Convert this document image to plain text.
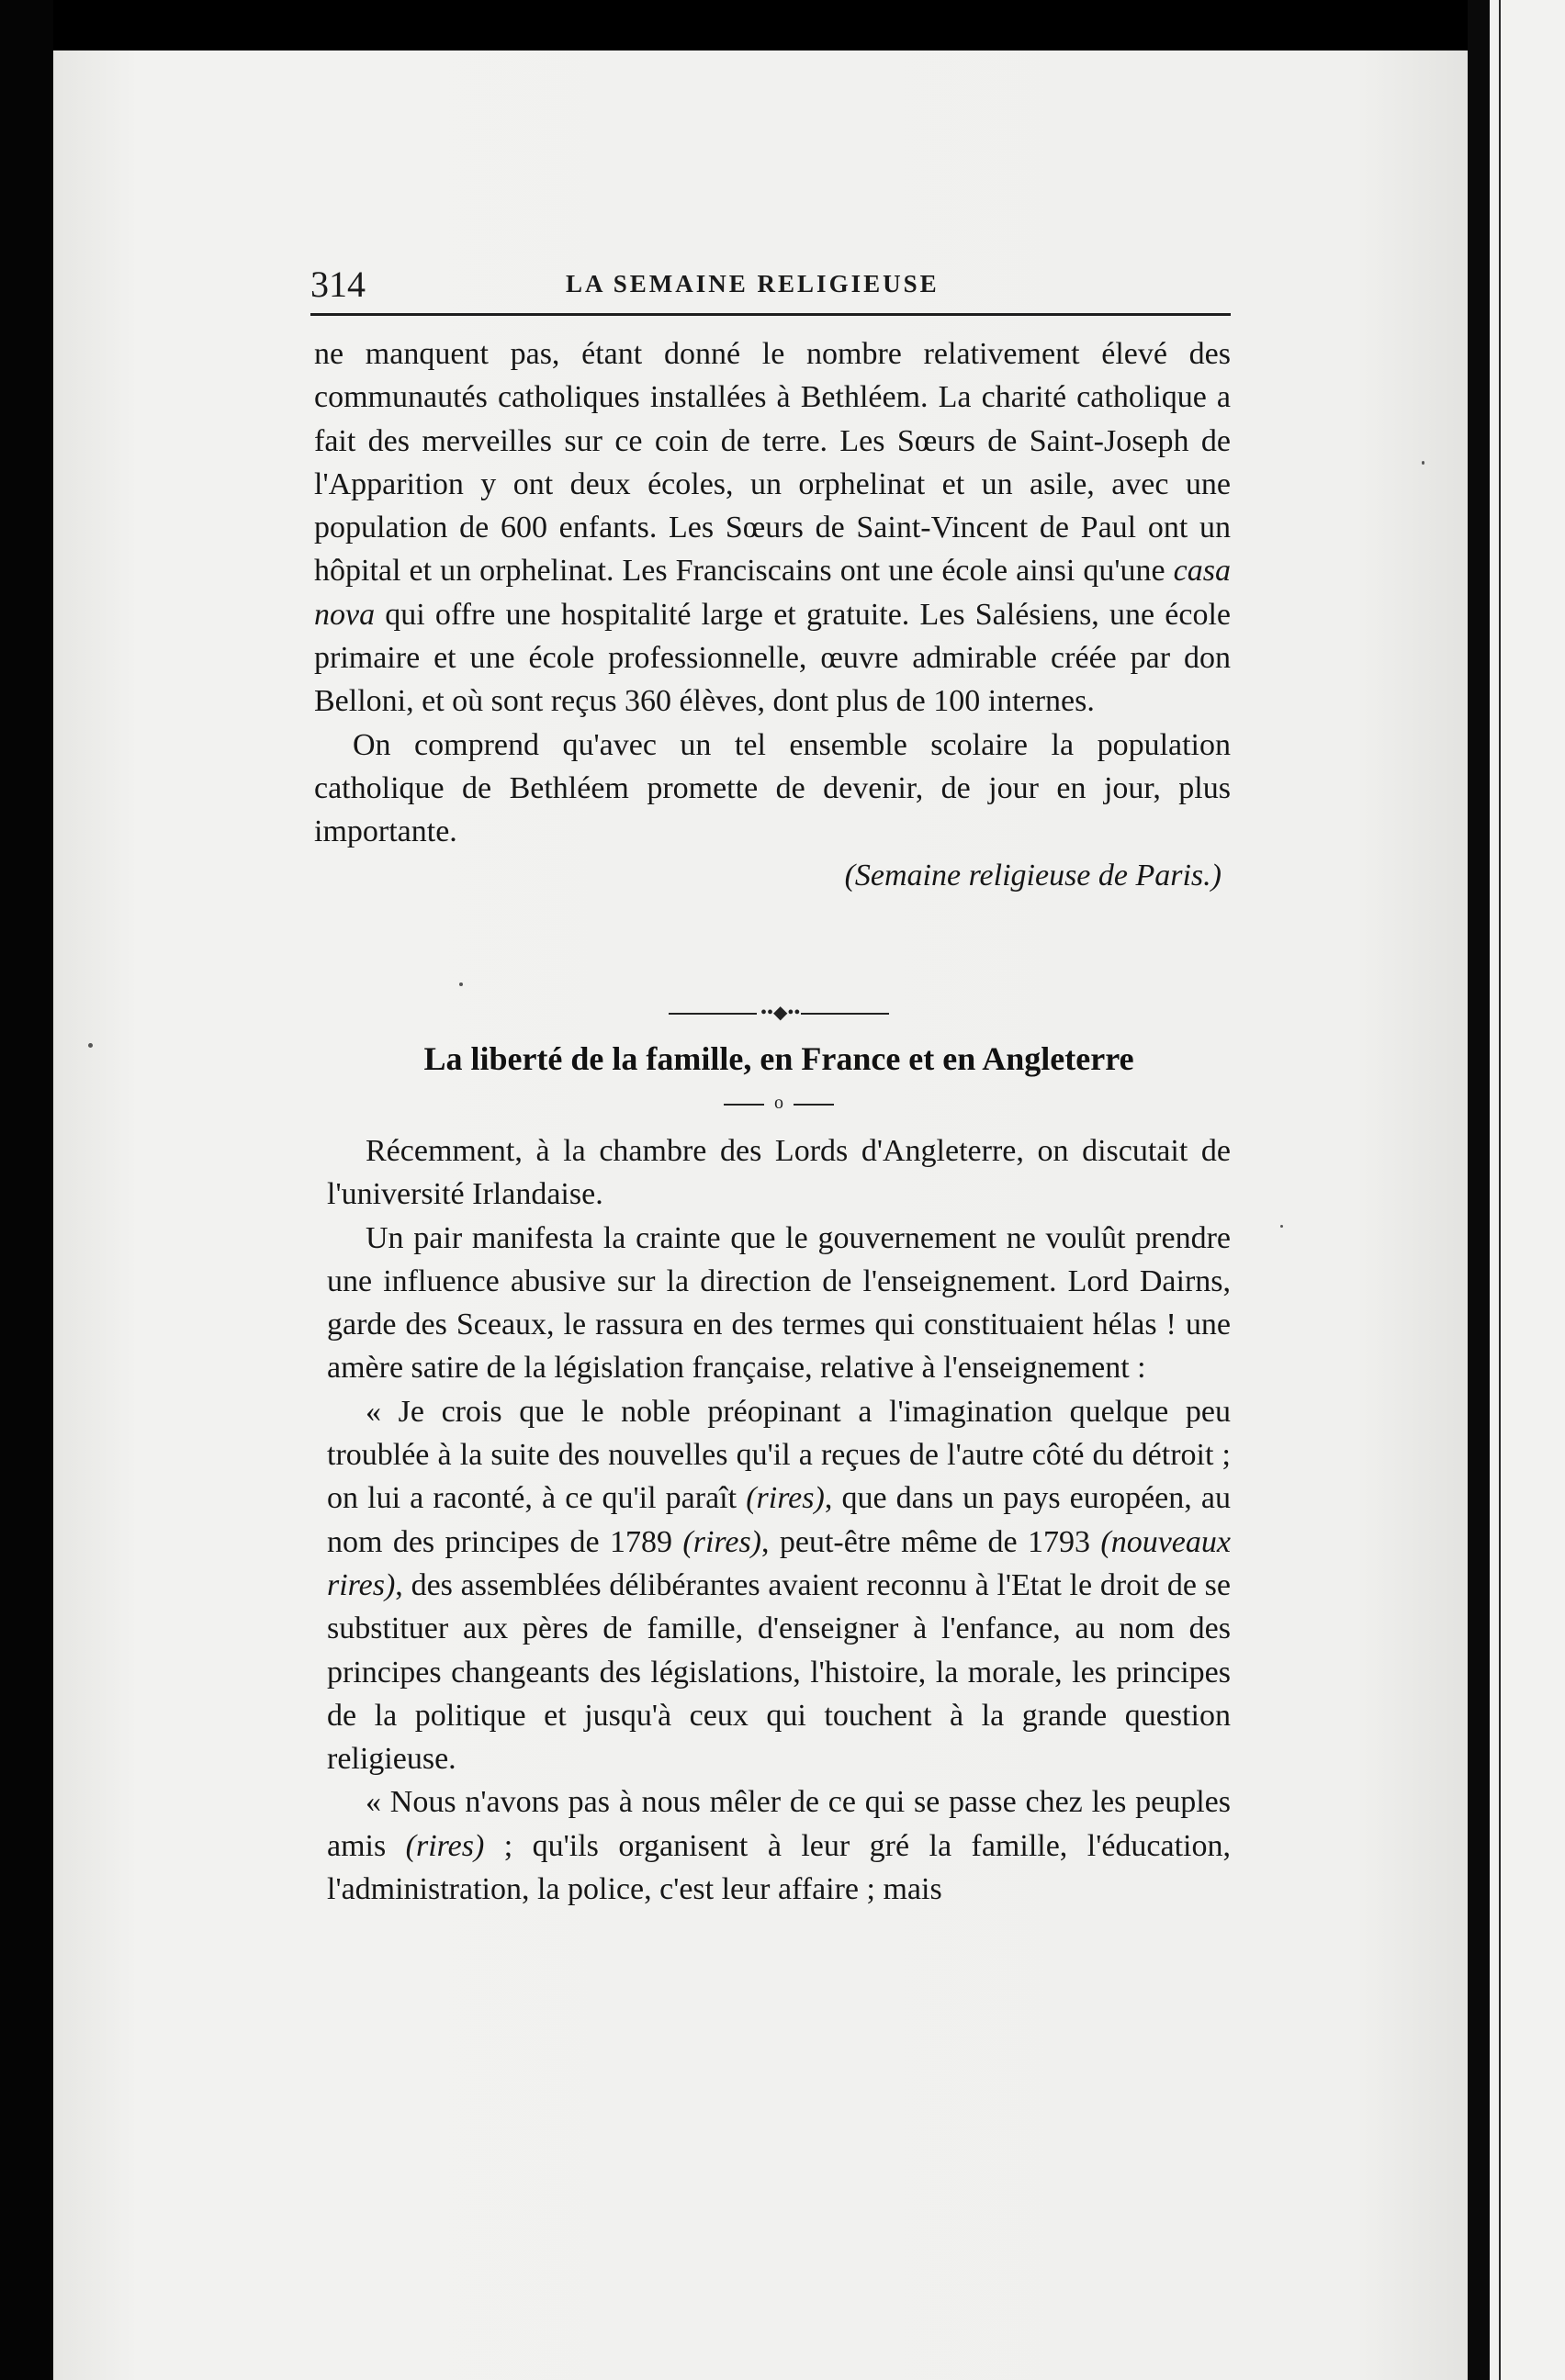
314	LA SEMAINE RELIGIEUSE

ne manquent pas, étant donné le nombre relativement élevé des communautés catholiques installées à Bethléem. La charité catholique a fait des merveilles sur ce coin de terre. Les Sœurs de Saint-Joseph de l'Apparition y ont deux écoles, un orphelinat et un asile, avec une population de 600 enfants. Les Sœurs de Saint-Vincent de Paul ont un hôpital et un orphelinat. Les Franciscains ont une école ainsi qu'une casa nova qui offre une hospitalité large et gratuite. Les Salésiens, une école primaire et une école professionnelle, œuvre admirable créée par don Belloni, et où sont reçus 360 élèves, dont plus de 100 internes.

On comprend qu'avec un tel ensemble scolaire la population catholique de Bethléem promette de devenir, de jour en jour, plus importante.

(Semaine religieuse de Paris.)

••◆••
La liberté de la famille, en France et en Angleterre
o

Récemment, à la chambre des Lords d'Angleterre, on discutait de l'université Irlandaise.

Un pair manifesta la crainte que le gouvernement ne voulût prendre une influence abusive sur la direction de l'enseignement. Lord Dairns, garde des Sceaux, le rassura en des termes qui constituaient hélas ! une amère satire de la législation française, relative à l'enseignement :

« Je crois que le noble préopinant a l'imagination quelque peu troublée à la suite des nouvelles qu'il a reçues de l'autre côté du détroit ; on lui a raconté, à ce qu'il paraît (rires), que dans un pays européen, au nom des principes de 1789 (rires), peut-être même de 1793 (nouveaux rires), des assemblées délibérantes avaient reconnu à l'Etat le droit de se substituer aux pères de famille, d'enseigner à l'enfance, au nom des principes changeants des législations, l'histoire, la morale, les principes de la politique et jusqu'à ceux qui touchent à la grande question religieuse.

« Nous n'avons pas à nous mêler de ce qui se passe chez les peuples amis (rires) ; qu'ils organisent à leur gré la famille, l'éducation, l'administration, la police, c'est leur affaire ; mais
